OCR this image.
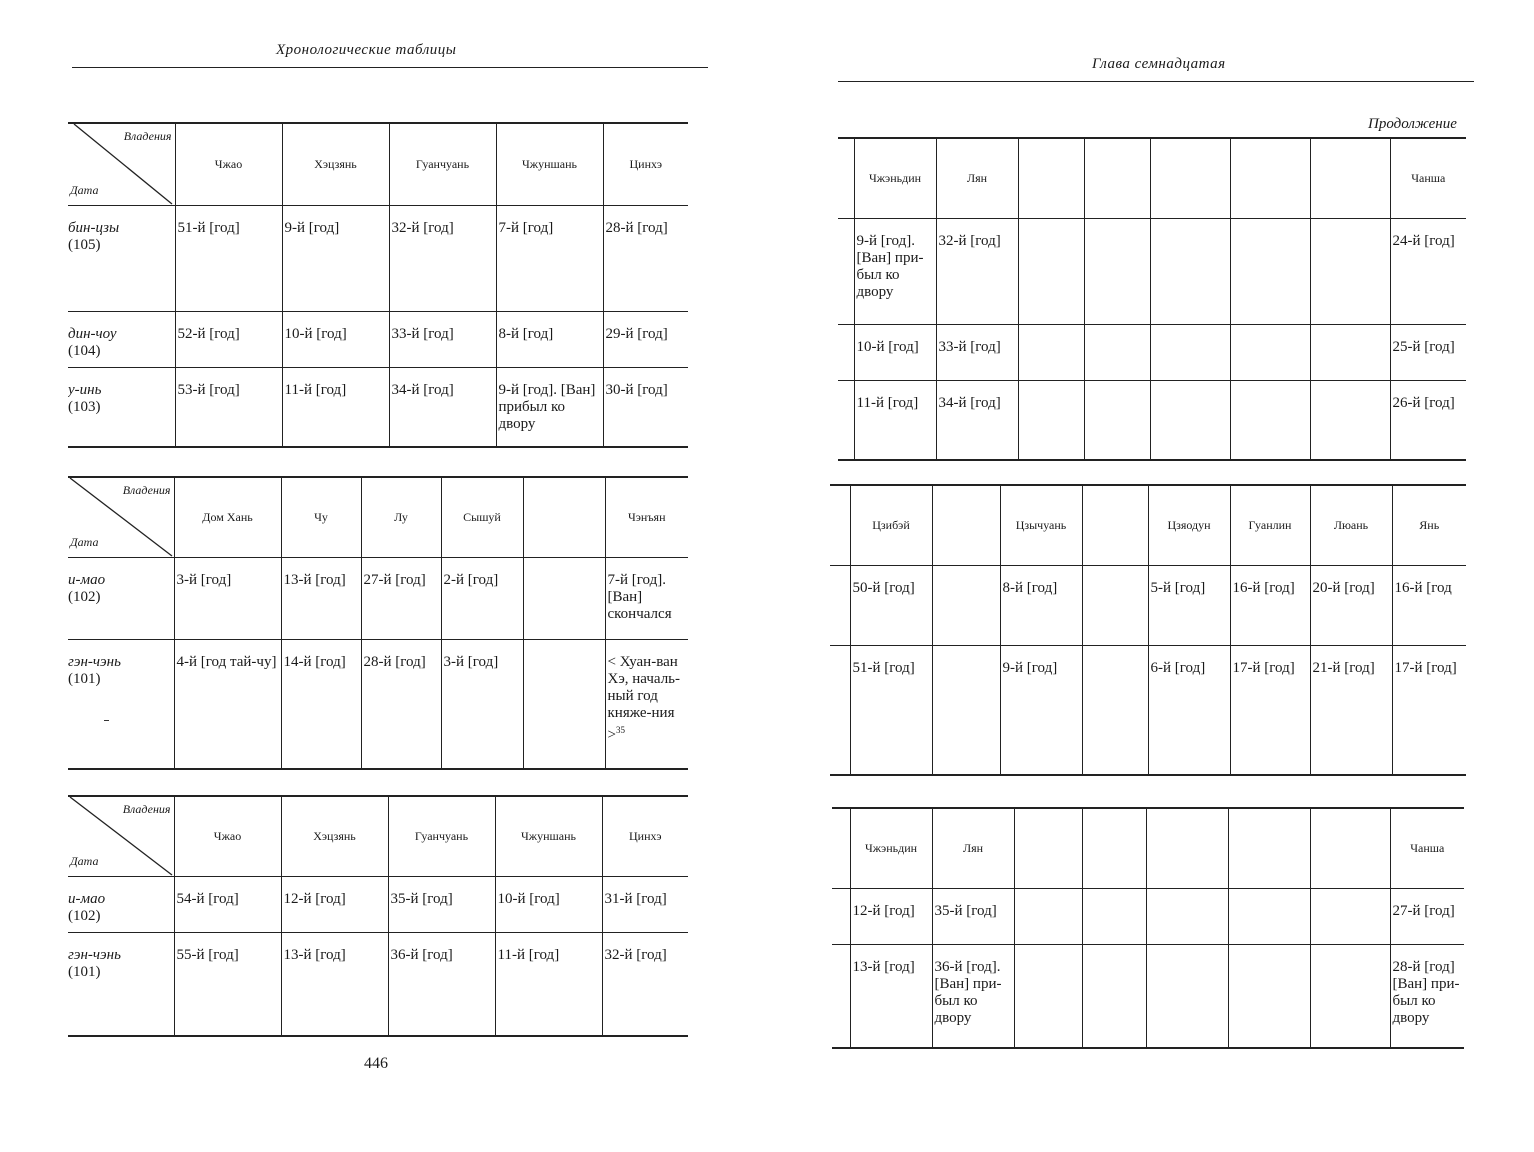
Хронологические таблицы
Владения
Дата	Чжао	Хэцзянь	Гуанчуань	Чжуншань	Цинхэ
бин-цзы
(105)	51-й [год]	9-й [год]	32-й [год]	7-й [год]	28-й [год]
дин-чоу
(104)	52-й [год]	10-й [год]	33-й [год]	8-й [год]	29-й [год]
у-инь
(103)	53-й [год]	11-й [год]	34-й [год]	9-й [год]. [Ван] прибыл ко двору	30-й [год]
Владения
Дата	Дом Хань	Чу	Лу	Сышуй		Чэнъян
и-мао
(102)	3-й [год]	13-й [год]	27-й [год]	2-й [год]		7-й [год]. [Ван] скончался
гэн-чэнь
(101)	4-й [год тай-чу]	14-й [год]	28-й [год]	3-й [год]		< Хуан-ван Хэ, началь-ный год княже-ния >$^{35}$
Владения
Дата	Чжао	Хэцзянь	Гуанчуань	Чжуншань	Цинхэ
и-мао
(102)	54-й [год]	12-й [год]	35-й [год]	10-й [год]	31-й [год]
гэн-чэнь
(101)	55-й [год]	13-й [год]	36-й [год]	11-й [год]	32-й [год]
446
Глава семнадцатая
Продолжение
	Чжэньдин	Лян						Чанша
	9-й [год]. [Ван] при-был ко двору	32-й [год]						24-й [год]
	10-й [год]	33-й [год]						25-й [год]
	11-й [год]	34-й [год]						26-й [год]
	Цзибэй		Цзычуань		Цзяодун	Гуанлин	Люань	Янь
	50-й [год]		8-й [год]		5-й [год]	16-й [год]	20-й [год]	16-й [год
	51-й [год]		9-й [год]		6-й [год]	17-й [год]	21-й [год]	17-й [год]
	Чжэньдин	Лян						Чанша
	12-й [год]	35-й [год]						27-й [год]
	13-й [год]	36-й [год]. [Ван] при-был ко двору						28-й [год] [Ван] при-был ко двору
